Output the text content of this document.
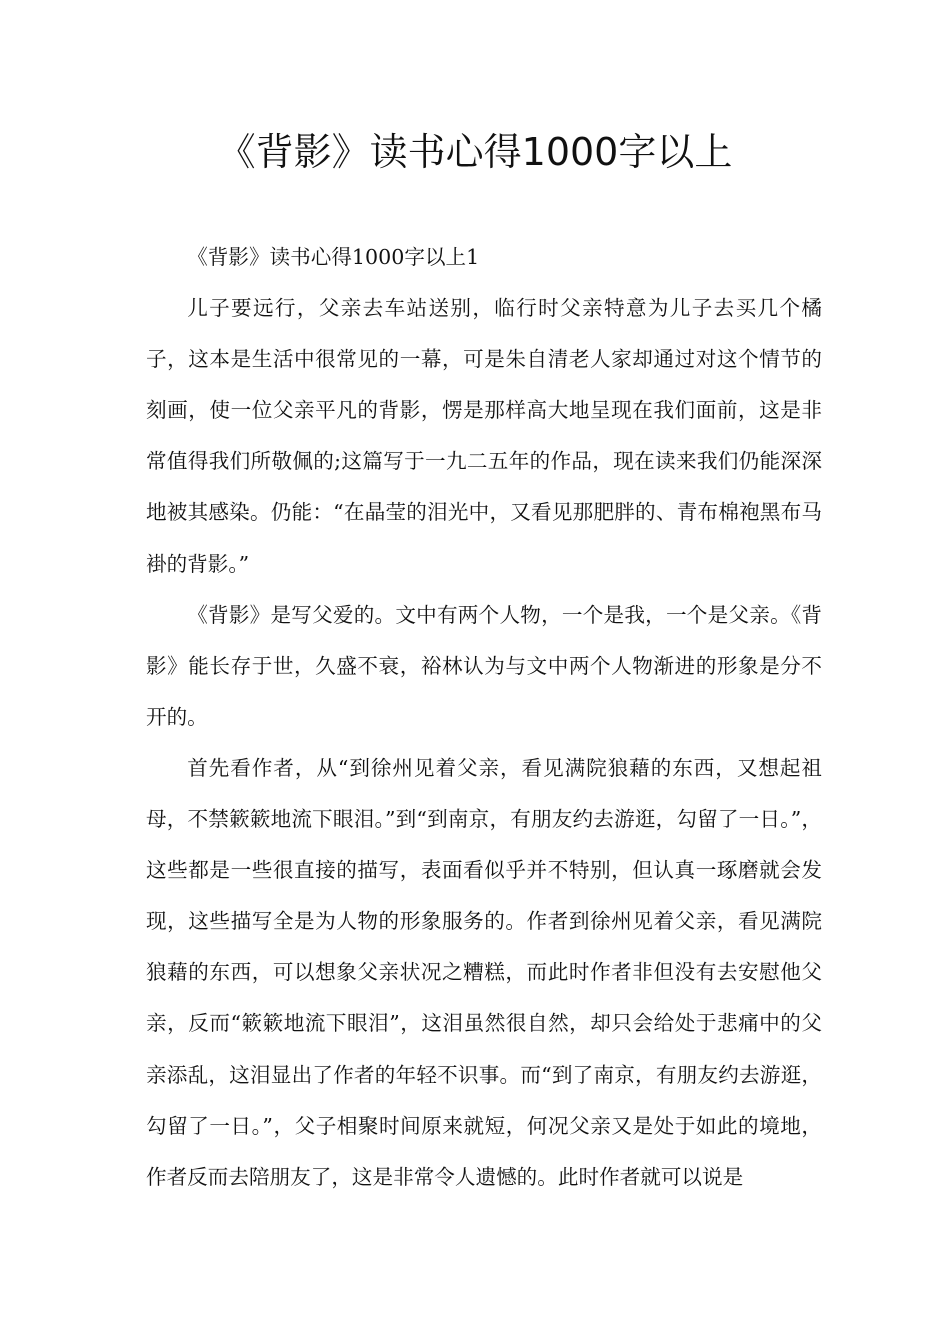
《背影》读书心得1000字以上

《背影》读书心得1000字以上1

儿子要远行，父亲去车站送别，临行时父亲特意为儿子去买几个橘子，这本是生活中很常见的一幕，可是朱自清老人家却通过对这个情节的刻画，使一位父亲平凡的背影，愣是那样高大地呈现在我们面前，这是非常值得我们所敬佩的;这篇写于一九二五年的作品，现在读来我们仍能深深地被其感染。仍能：“在晶莹的泪光中，又看见那肥胖的、青布棉袍黑布马褂的背影。”

《背影》是写父爱的。文中有两个人物，一个是我，一个是父亲。《背影》能长存于世，久盛不衰，裕林认为与文中两个人物渐进的形象是分不开的。

首先看作者，从“到徐州见着父亲，看见满院狼藉的东西，又想起祖母，不禁簌簌地流下眼泪。”到“到南京，有朋友约去游逛，勾留了一日。”，这些都是一些很直接的描写，表面看似乎并不特别，但认真一琢磨就会发现，这些描写全是为人物的形象服务的。作者到徐州见着父亲，看见满院狼藉的东西，可以想象父亲状况之糟糕，而此时作者非但没有去安慰他父亲，反而“簌簌地流下眼泪”，这泪虽然很自然，却只会给处于悲痛中的父亲添乱，这泪显出了作者的年轻不识事。而“到了南京，有朋友约去游逛，勾留了一日。”，父子相聚时间原来就短，何况父亲又是处于如此的境地，作者反而去陪朋友了，这是非常令人遗憾的。此时作者就可以说是
